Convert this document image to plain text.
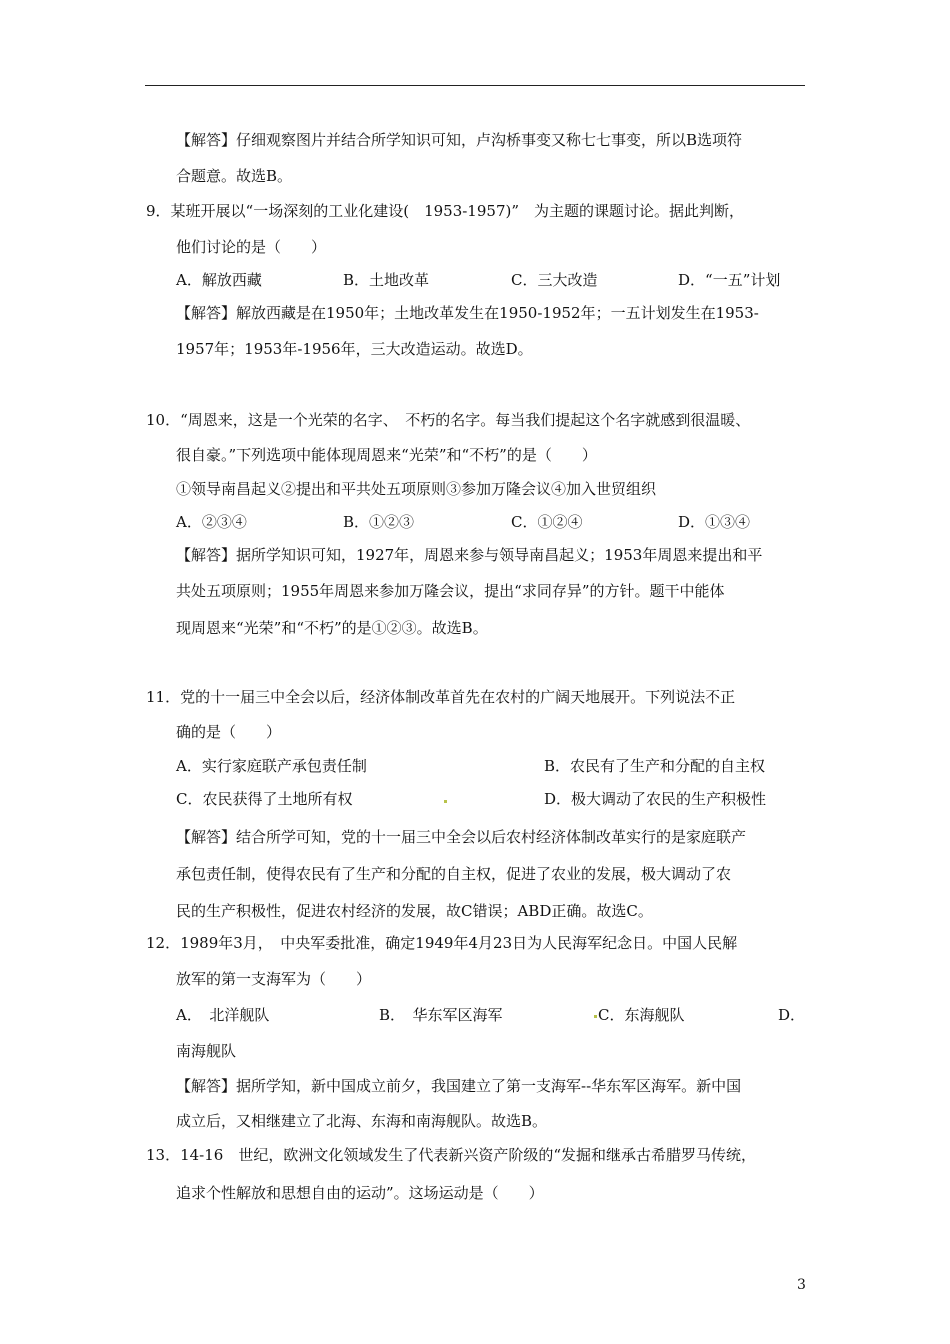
【解答】仔细观察图片并结合所学知识可知，卢沟桥事变又称七七事变，所以B选项符
合题意。故选B。
9．某班开展以“一场深刻的工业化建设(　1953-1957)”　为主题的课题讨论。据此判断，
他们讨论的是（　　）
A．解放西藏	B．土地改革	C．三大改造	D．“一五”计划
【解答】解放西藏是在1950年；土地改革发生在1950-1952年；一五计划发生在1953-
1957年；1953年-1956年，三大改造运动。故选D。
10．“周恩来，这是一个光荣的名字、　不朽的名字。每当我们提起这个名字就感到很温暖、
很自豪。”下列选项中能体现周恩来“光荣”和“不朽”的是（　　）
①领导南昌起义②提出和平共处五项原则③参加万隆会议④加入世贸组织
A．②③④	B．①②③	C．①②④	D．①③④
【解答】据所学知识可知，1927年，周恩来参与领导南昌起义；1953年周恩来提出和平
共处五项原则；1955年周恩来参加万隆会议，提出“求同存异”的方针。题干中能体
现周恩来“光荣”和“不朽”的是①②③。故选B。
11．党的十一届三中全会以后，经济体制改革首先在农村的广阔天地展开。下列说法不正
确的是（　　）
A．实行家庭联产承包责任制	B．农民有了生产和分配的自主权
C．农民获得了土地所有权	D．极大调动了农民的生产积极性
【解答】结合所学可知，党的十一届三中全会以后农村经济体制改革实行的是家庭联产
承包责任制，使得农民有了生产和分配的自主权，促进了农业的发展，极大调动了农
民的生产积极性，促进农村经济的发展，故C错误；ABD正确。故选C。
12．1989年3月，　中央军委批准，确定1949年4月23日为人民海军纪念日。中国人民解
放军的第一支海军为（　　）
A．　北洋舰队	B．　华东军区海军	C．东海舰队	D．
南海舰队
【解答】据所学知，新中国成立前夕，我国建立了第一支海军--华东军区海军。新中国
成立后，又相继建立了北海、东海和南海舰队。故选B。
13．14-16　世纪，欧洲文化领域发生了代表新兴资产阶级的“发掘和继承古希腊罗马传统，
追求个性解放和思想自由的运动”。这场运动是（　　）
3
